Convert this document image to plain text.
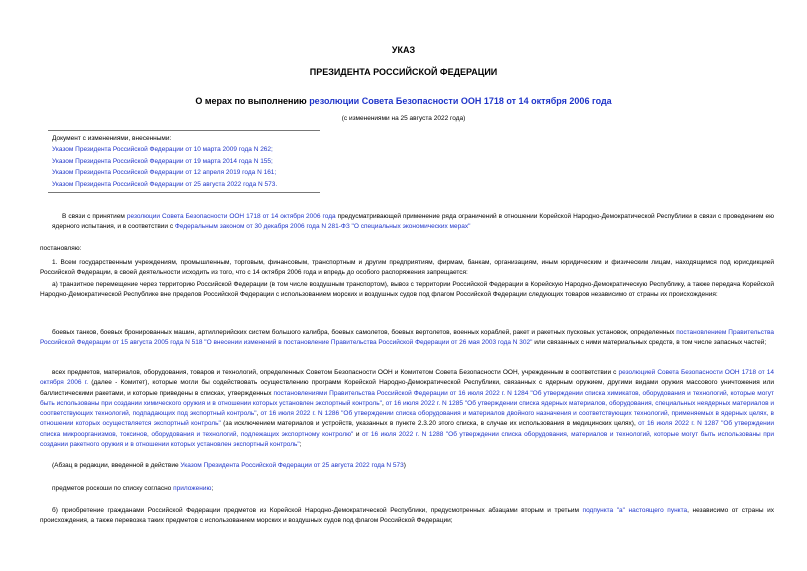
УКАЗ
ПРЕЗИДЕНТА РОССИЙСКОЙ ФЕДЕРАЦИИ
О мерах по выполнению резолюции Совета Безопасности ООН 1718 от 14 октября 2006 года
(с изменениями на 25 августа 2022 года)
Документ с изменениями, внесенными:
Указом Президента Российской Федерации от 10 марта 2009 года N 262;
Указом Президента Российской Федерации от 19 марта 2014 года N 155;
Указом Президента Российской Федерации от 12 апреля 2019 года N 161;
Указом Президента Российской Федерации от 25 августа 2022 года N 573.

В связи с принятием резолюции Совета Безопасности ООН 1718 от 14 октября 2006 года предусматривающей применение ряда ограничений в отношении Корейской Народно-Демократической Республики в связи с проведением ею ядерного испытания, и в соответствии с Федеральным законом от 30 декабря 2006 года N 281-ФЗ "О специальных экономических мерах"

постановляю:

1. Всем государственным учреждениям, промышленным, торговым, финансовым, транспортным и другим предприятиям, фирмам, банкам, организациям, иным юридическим и физическим лицам, находящимся под юрисдикцией Российской Федерации, в своей деятельности исходить из того, что с 14 октября 2006 года и впредь до особого распоряжения запрещается:

а) транзитное перемещение через территорию Российской Федерации (в том числе воздушным транспортом), вывоз с территории Российской Федерации в Корейскую Народно-Демократическую Республику, а также передача Корейской Народно-Демократической Республике вне пределов Российской Федерации с использованием морских и воздушных судов под флагом Российской Федерации следующих товаров независимо от страны их происхождения:

боевых танков, боевых бронированных машин, артиллерийских систем большого калибра, боевых самолетов, боевых вертолетов, военных кораблей, ракет и ракетных пусковых установок, определенных постановлением Правительства Российской Федерации от 15 августа 2005 года N 518 "О внесении изменений в постановление Правительства Российской Федерации от 26 мая 2003 года N 302" или связанных с ними материальных средств, в том числе запасных частей;

всех предметов, материалов, оборудования, товаров и технологий, определенных Советом Безопасности ООН и Комитетом Совета Безопасности ООН, учрежденным в соответствии с резолюцией Совета Безопасности ООН 1718 от 14 октября 2006 г. (далее - Комитет), которые могли бы содействовать осуществлению программ Корейской Народно-Демократической Республики, связанных с ядерным оружием, другими видами оружия массового уничтожения или баллистическими ракетами, и которые приведены в списках, утвержденных постановлениями Правительства Российской Федерации от 16 июля 2022 г. N 1284 "Об утверждении списка химикатов, оборудования и технологий, которые могут быть использованы при создании химического оружия и в отношении которых установлен экспортный контроль", от 16 июля 2022 г. N 1285 "Об утверждении списка ядерных материалов, оборудования, специальных неядерных материалов и соответствующих технологий, подпадающих под экспортный контроль", от 16 июля 2022 г. N 1286 "Об утверждении списка оборудования и материалов двойного назначения и соответствующих технологий, применяемых в ядерных целях, в отношении которых осуществляется экспортный контроль" (за исключением материалов и устройств, указанных в пункте 2.3.20 этого списка, в случае их использования в медицинских целях), от 16 июля 2022 г. N 1287 "Об утверждении списка микроорганизмов, токсинов, оборудования и технологий, подлежащих экспортному контролю" и от 16 июля 2022 г. N 1288 "Об утверждении списка оборудования, материалов и технологий, которые могут быть использованы при создании ракетного оружия и в отношении которых установлен экспортный контроль";

(Абзац в редакции, введенной в действие Указом Президента Российской Федерации от 25 августа 2022 года N 573)

предметов роскоши по списку согласно приложению;

б) приобретение гражданами Российской Федерации предметов из Корейской Народно-Демократической Республики, предусмотренных абзацами вторым и третьим подпункта "а" настоящего пункта, независимо от страны их происхождения, а также перевозка таких предметов с использованием морских и воздушных судов под флагом Российской Федерации;
